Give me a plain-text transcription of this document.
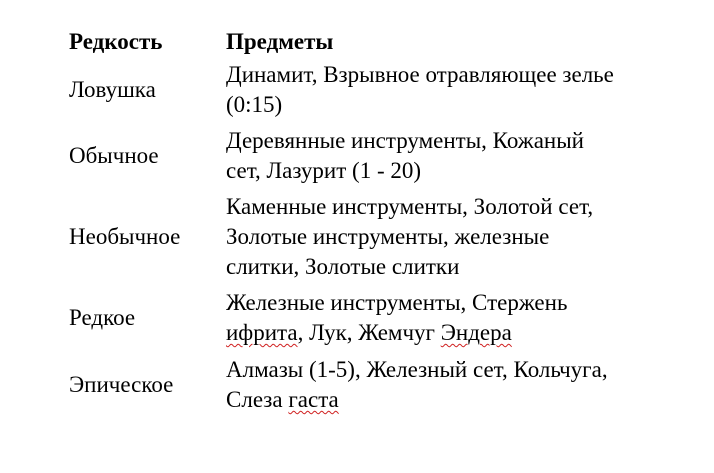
Редкость	Предметы
Ловушка
Динамит, Взрывное отравляющее зелье
(0:15)
Обычное
Деревянные инструменты, Кожаный
сет, Лазурит (1 - 20)
Необычное
Каменные инструменты, Золотой сет,
Золотые инструменты, железные
слитки, Золотые слитки
Редкое
Железные инструменты, Стержень
ифрита, Лук, Жемчуг Эндера
Эпическое
Алмазы (1-5), Железный сет, Кольчуга,
Слеза гаста
